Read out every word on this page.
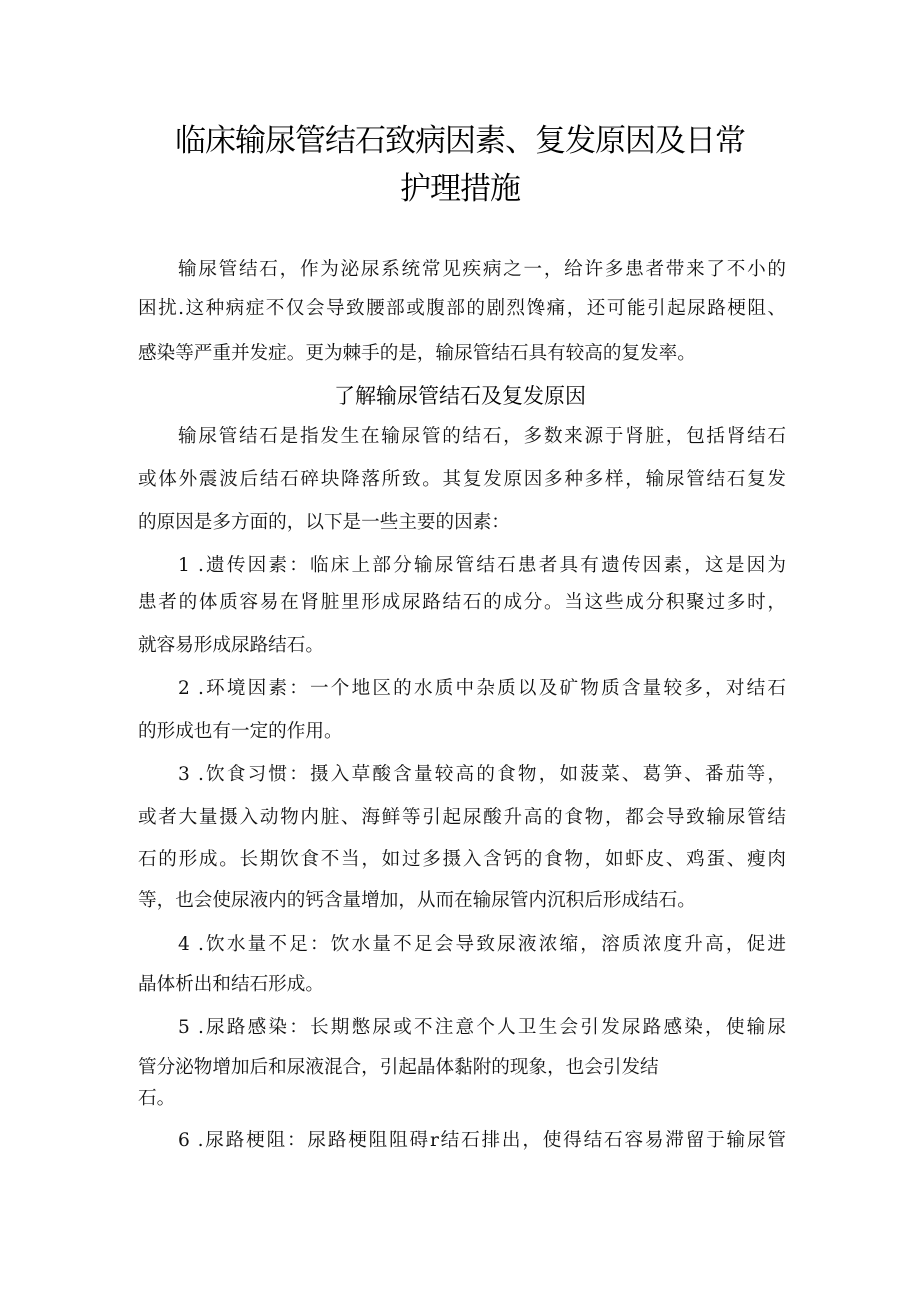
临床输尿管结石致病因素、复发原因及日常
护理措施
输尿管结石，作为泌尿系统常见疾病之一，给许多患者带来了不小的
困扰.这种病症不仅会导致腰部或腹部的剧烈馋痛，还可能引起尿路梗阻、
感染等严重并发症。更为棘手的是，输尿管结石具有较高的复发率。
了解输尿管结石及复发原因
输尿管结石是指发生在输尿管的结石，多数来源于肾脏，包括肾结石
或体外震波后结石碎块降落所致。其复发原因多种多样，输尿管结石复发
的原因是多方面的，以下是一些主要的因素：
1 .遗传因素：临床上部分输尿管结石患者具有遗传因素，这是因为
患者的体质容易在肾脏里形成尿路结石的成分。当这些成分积聚过多时，
就容易形成尿路结石。
2 .环境因素：一个地区的水质中杂质以及矿物质含量较多，对结石
的形成也有一定的作用。
3 .饮食习惯：摄入草酸含量较高的食物，如菠菜、葛笋、番茄等，
或者大量摄入动物内脏、海鲜等引起尿酸升高的食物，都会导致输尿管结
石的形成。长期饮食不当，如过多摄入含钙的食物，如虾皮、鸡蛋、瘦肉
等，也会使尿液内的钙含量增加，从而在输尿管内沉积后形成结石。
4 .饮水量不足：饮水量不足会导致尿液浓缩，溶质浓度升高，促进
晶体析出和结石形成。
5 .尿路感染：长期憋尿或不注意个人卫生会引发尿路感染，使输尿
管分泌物增加后和尿液混合，引起晶体黏附的现象，也会引发结
石。
6 .尿路梗阻：尿路梗阻阻碍r结石排出，使得结石容易滞留于输尿管
